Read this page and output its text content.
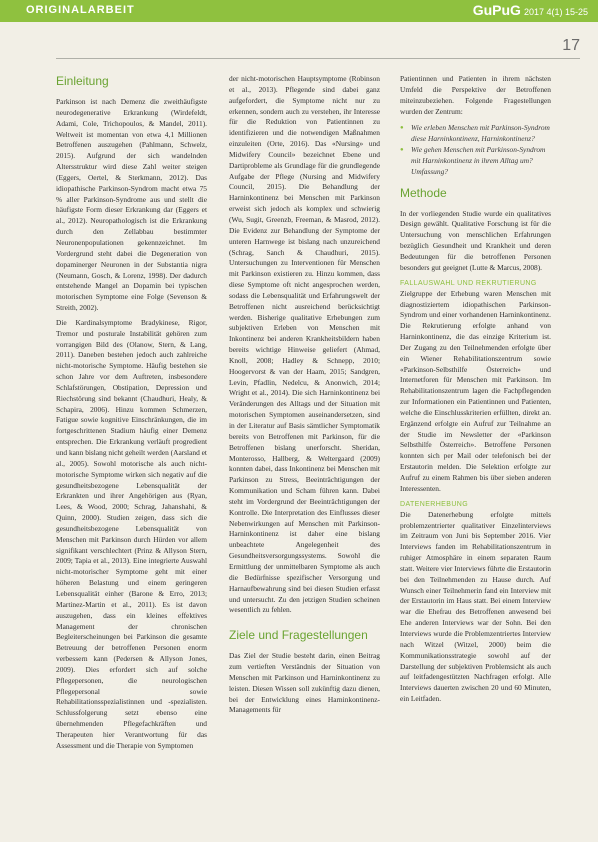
ORIGINALARBEIT	GuPuG 2017 4(1) 15-25
17
Einleitung

Parkinson ist nach Demenz die zweithäufigste neurodegenerative Erkrankung (Wirdefeldt, Adami, Cole, Trichopoulos, & Mandel, 2011). Weltweit ist momentan von etwa 4,1 Millionen Betroffenen auszugehen (Pahlmann, Schwelz, 2015). Aufgrund der sich wandelnden Altersstruktur wird diese Zahl weiter steigen (Eggers, Oertel, & Sterkmann, 2012). Das idiopathische Parkinson-Syndrom macht etwa 75 % aller Parkinson-Syndrome aus und stellt die häufigste Form dieser Erkrankung dar (Eggers et al., 2012). Neuropathologisch ist die Erkrankung durch den Zellabbau bestimmter Neuronenpopulationen gekennzeichnet. Im Vordergrund steht dabei die Degeneration von dopaminerger Neuronen in der Substantia nigra (Neumann, Gosch, & Lorenz, 1998). Der dadurch entstehende Mangel an Dopamin bei typischen motorischen Symptome eine Folge (Sevenson & Streith, 2002).

Die Kardinalsymptome Bradykinese, Rigor, Tremor und posturale Instabilität gehören zum vorrangigen Bild des (Olanow, Stern, & Lang, 2011). Daneben bestehen jedoch auch zahlreiche nicht-motorische Symptome. Häufig bestehen sie schon Jahre vor dem Auftreten, insbesondere Schlafstörungen, Obstipation, Depression und Riechstörung sind bekannt (Chaudhuri, Healy, & Schapira, 2006). Hinzu kommen Schmerzen, Fatigue sowie kognitive Einschränkungen, die im fortgeschrittenen Stadium häufig einer Demenz entsprechen. Die Erkrankung verläuft progredient und kann bislang nicht geheilt werden (Aarsland et al., 2005). Sowohl motorische als auch nicht-motorische Symptome wirken sich negativ auf die gesundheitsbezogene Lebensqualität der Erkrankten und ihrer Angehörigen aus (Ryan, Lees, & Wood, 2000; Schrag, Jahanshahi, & Quinn, 2000). Studien zeigen, dass sich die gesundheitsbezogene Lebensqualität von Menschen mit Parkinson durch Hürden vor allem signifikant verschlechtert (Prinz & Allyson Stern, 2009; Tapia et al., 2013). Eine integrierte Auswahl nicht-motorischer Symptome geht mit einer höheren Belastung und einem geringeren Lebensqualität einher (Barone & Erro, 2013; Martinez-Martin et al., 2011). Es ist davon auszugehen, dass ein kleines effektives Management der chronischen Begleiterscheinungen bei Parkinson die gesamte Betreuung der betroffenen Personen enorm verbessern kann (Pedersen & Allyson Jones, 2009). Dies erfordert sich auf solche Pflegepersonen, die neurologischen Pflegepersonal sowie Rehabilitationsspezialistinnen und -spezialisten. Schlussfolgerung setzt ebenso eine übernehmenden Pflegefachkräften und Therapeuten hier Verantwortung für das Assessment und die Therapie von Symptomen

der nicht-motorischen Hauptsymptome (Robinson et al., 2013). Pflegende sind dabei ganz aufgefordert, die Symptome nicht nur zu erkennen, sondern auch zu verstehen, ihr Interesse für die Reduktion von Patientinnen zu identifizieren und die notwendigen Maßnahmen einzuleiten (Orte, 2016). Das «Nursing» und Midwifery Council» bezeichnet Ebene und Dartiprobleme als Grundlage für die grundlegende Aufgabe der Pflege (Nursing and Midwifery Council, 2015). Die Behandlung der Harninkontinenz bei Menschen mit Parkinson erweist sich jedoch als komplex und schwierig (Wu, Sugit, Greenzb, Freeman, & Masrod, 2012). Die Evidenz zur Behandlung der Symptome der unteren Harnwege ist bislang nach unzureichend (Schrag, Sanch & Chaudhuri, 2015). Untersuchungen zu Interventionen für Menschen mit Parkinson existieren zu. Hinzu kommen, dass diese Symptome oft nicht angesprochen werden, sodass die Lebensqualität und Erfahrungswelt der Betroffenen nicht ausreichend berücksichtigt werden. Bisherige qualitative Erhebungen zum subjektiven Erleben von Menschen mit Inkontinenz bei anderen Krankheitsbildern haben bereits wichtige Hinweise geliefert (Ahmad, Knoll, 2008; Hadley & Schnepp, 2010; Hoogervorst & van der Haam, 2015; Sandgren, Levin, Pfadlin, Nedelcu, & Anonwich, 2014; Wright et al., 2014). Die sich Harninkontinenz bei Veränderungen des Alltags und der Situation mit motorischen Symptomen auseinandersetzen, sind in der Literatur auf Basis sämtlicher Symptomatik bereits von Betroffenen mit Parkinson, für die Betroffenen bislang unerforscht. Sheridan, Monterosso, Hallberg, & Weltergaard (2009) konnten dabei, dass Inkontinenz bei Menschen mit Parkinson zu Stress, Beeinträchtigungen der Kommunikation und Scham führen kann. Dabei steht im Vordergrund der Beeinträchtigungen der Kontrolle. Die Interpretation des Einflusses dieser Nebenwirkungen auf Menschen mit Parkinson-Harninkontinenz ist daher eine bislang unbeachtete Angelegenheit des Gesundheitsversorgungssystems. Sowohl die Ermittlung der unmittelbaren Symptome als auch die Bedürfnisse spezifischer Versorgung und Harnaufbewahrung sind bei diesen Studien erfasst und untersucht. Zu den jetzigen Studien scheinen wesentlich zu fehlen.

Ziele und Fragestellungen

Das Ziel der Studie besteht darin, einen Beitrag zum vertieften Verständnis der Situation von Menschen mit Parkinson und Harninkontinenz zu leisten. Diesen Wissen soll zukünftig dazu dienen, bei der Entwicklung eines Harninkontinenz-Managements für

Patientinnen und Patienten in ihrem nächsten Umfeld die Perspektive der Betroffenen miteinzubeziehen. Folgende Fragestellungen wurden der Zentrum:

● Wie erleben Menschen mit Parkinson-Syndrom diese Harninkontinenz, Harninkontinenz?
● Wie gehen Menschen mit Parkinson-Syndrom mit Harninkontinenz in ihrem Alltag um? Umfassung?
Methode

In der vorliegenden Studie wurde ein qualitatives Design gewählt. Qualitative Forschung ist für die Untersuchung von menschlichen Erfahrungen bezüglich Gesundheit und Krankheit und deren Bedeutungen für die betroffenen Personen besonders gut geeignet (Lutte & Marcus, 2008).

FALLAUSWAHL UND REKRUTIERUNG

Zielgruppe der Erhebung waren Menschen mit diagnostiziertem idiopathischen Parkinson-Syndrom und einer vorhandenen Harninkontinenz. Die Rekrutierung erfolgte anhand von Harninkontinenz, die das einzige Kriterium ist. Der Zugang zu den Teilnehmenden erfolgte über ein Wiener Rehabilitationszentrum sowie «Parkinson-Selbsthilfe Österreich» und Internetforen für Menschen mit Parkinson. Im Rehabilitationszentrum lagen die Fachpflegenden zur Informationen ein Patientinnen und Patienten, welche die Einschlusskriterien erfüllten, direkt an. Ergänzend erfolgte ein Aufruf zur Teilnahme an der Studie im Newsletter der «Parkinson Selbsthilfe Österreich». Betroffene Personen konnten sich per Mail oder telefonisch bei der Erstautorin melden. Die Selektion erfolgte zur Aufruf zu einem Rahmen bis über sieben anderen Interessenten.

DATENERHEBUNG

Die Datenerhebung erfolgte mittels problemzentrierter qualitativer Einzelinterviews im Zeitraum von Juni bis September 2016. Vier Interviews fanden im Rehabilitationszentrum in ruhiger Atmosphäre in einem separaten Raum statt. Weitere vier Interviews führte die Erstautorin bei den Teilnehmenden zu Hause durch. Auf Wunsch einer Teilnehmerin fand ein Interview mit der Erstautorin im Haus statt. Bei einem Interview war die Ehefrau des Betroffenen anwesend bei Ehe anderen Interviews war der Sohn. Bei den Interviews wurde die Problemzentriertes Interview nach Witzel (Witzel, 2000) beim die Kommunikationsstrategie sowohl auf der Darstellung der subjektiven Problemsicht als auch auf leitfadengestützten Nachfragen erfolgt. Alle Interviews dauerten zwischen 20 und 60 Minuten, ein Leitfaden.
